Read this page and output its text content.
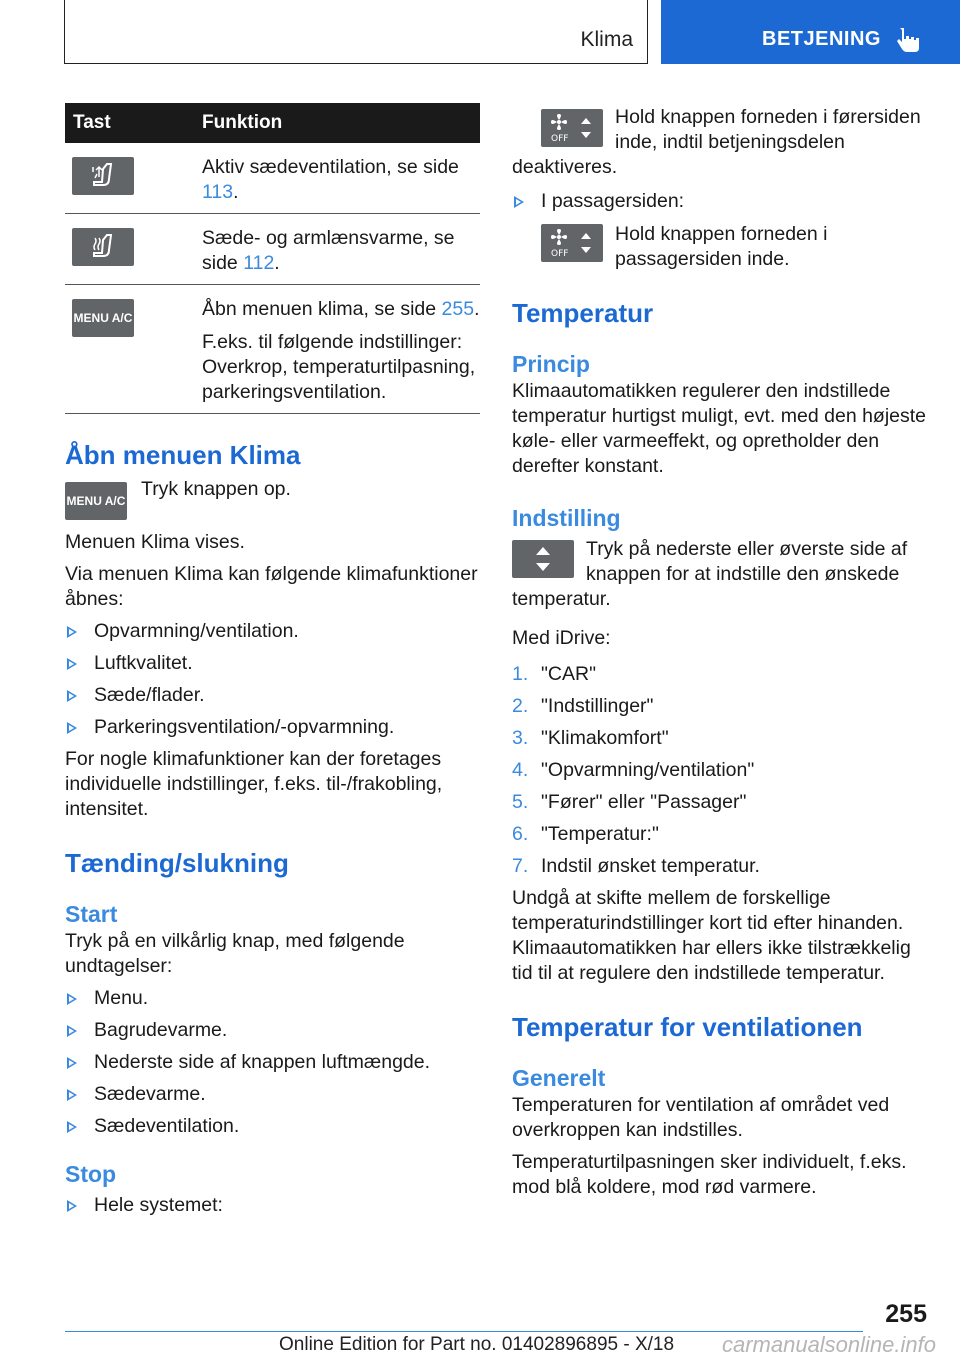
Klima	BETJENING
Tast	Funktion

	Aktiv sædeventilation, se side 113.

	Sæde- og armlænsvarme, se side 112.

MENU A/C	Åbn menuen klima, se side 255.

F.eks. til følgende indstillinger: Overkrop, temperaturtilpasning, parkeringsventilation.

Åbn menuen Klima

MENU A/C

Tryk knappen op.

Menuen Klima vises.

Via menuen Klima kan følgende klimafunktioner åbnes:

Opvarmning/ventilation.
Luftkvalitet.
Sæde/flader.
Parkeringsventilation/-opvarmning.

For nogle klimafunktioner kan der foretages individuelle indstillinger, f.eks. til-/frakobling, intensitet.

Tænding/slukning

Start

Tryk på en vilkårlig knap, med følgende undtagelser:

Menu.
Bagrudevarme.
Nederste side af knappen luftmængde.
Sædevarme.
Sædeventilation.

Stop

Hele systemet:
OFF

Hold knappen forneden i førersiden inde, indtil betjeningsdelen deaktiveres.

I passagersiden:
OFF

Hold knappen forneden i passagersiden inde.

Temperatur

Princip

Klimaautomatikken regulerer den indstillede temperatur hurtigst muligt, evt. med den højeste køle- eller varmeeffekt, og opretholder den derefter konstant.

Indstilling

Tryk på nederste eller øverste side af knappen for at indstille den ønskede temperatur.

Med iDrive:

1. "CAR"
2. "Indstillinger"
3. "Klimakomfort"
4. "Opvarmning/ventilation"
5. "Fører" eller "Passager"
6. "Temperatur:"
7. Indstil ønsket temperatur.

Undgå at skifte mellem de forskellige temperaturindstillinger kort tid efter hinanden. Klimaautomatikken har ellers ikke tilstrækkelig tid til at regulere den indstillede temperatur.

Temperatur for ventilationen

Generelt

Temperaturen for ventilation af området ved overkroppen kan indstilles.

Temperaturtilpasningen sker individuelt, f.eks. mod blå koldere, mod rød varmere.

255
Online Edition for Part no. 01402896895 - X/18 carmanualsonline.info
